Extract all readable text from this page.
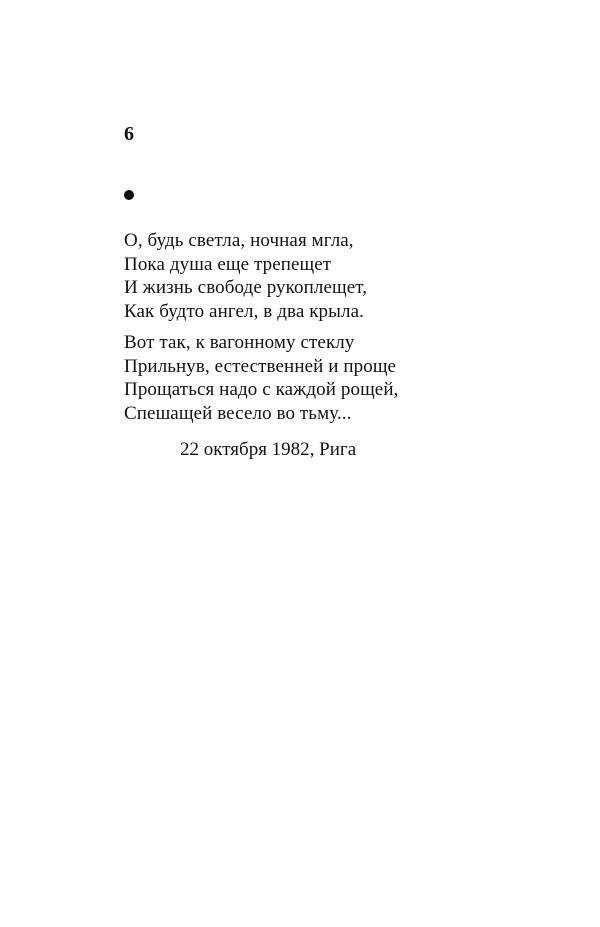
6
О, будь светла, ночная мгла,
Пока душа еще трепещет
И жизнь свободе рукоплещет,
Как будто ангел, в два крыла.
Вот так, к вагонному стеклу
Прильнув, естественней и проще
Прощаться надо с каждой рощей,
Спешащей весело во тьму...
22 октября 1982, Рига
